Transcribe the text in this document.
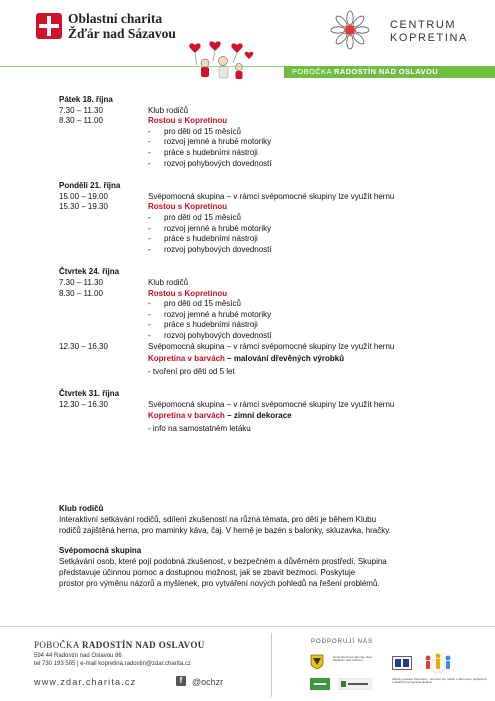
Oblastní charita
Žďár nad Sázavou
CENTRUM
KOPRETINA
POBOČKA RADOSTÍN NAD OSLAVOU
Pátek 18. října
7.30 – 11.30	Klub rodičů
8.30 – 11.00	Rostou s Kopretinou
- pro děti od 15 měsíců
- rozvoj jemné a hrubé motoriky
- práce s hudebními nástroji
- rozvoj pohybových dovedností
Pondělí 21. října
15.00 – 19.00	Svépomocná skupina – v rámci svépomocné skupiny lze využít hernu
15.30 – 19.30	Rostou s Kopretinou
- pro děti od 15 měsíců
- rozvoj jemné a hrubé motoriky
- práce s hudebními nástroji
- rozvoj pohybových dovedností
Čtvrtek 24. října
7.30 – 11.30	Klub rodičů
8.30 – 11.00	Rostou s Kopretinou
- pro děti od 15 měsíců
- rozvoj jemné a hrubé motoriky
- práce s hudebními nástroji
- rozvoj pohybových dovedností
12.30 – 16.30	Svépomocná skupina – v rámci svépomocné skupiny lze využít hernu
Kopretina v barvách – malování dřevěných výrobků
- tvoření pro děti od 5 let
Čtvrtek 31. října
12.30 – 16.30	Svépomocná skupina – v rámci svépomocné skupiny lze využít hernu
Kopretina v barvách – zimní dekorace
- info na samostatném letáku
Klub rodičů
Interaktivní setkávání rodičů, sdílení zkušeností na různá témata, pro děti je během Klubu
rodičů zajištěná herna, pro maminky káva, čaj. V herně je bazén s balonky, skluzavka, hračky.
Svépomocná skupina
Setkávání osob, které pojí podobná zkušenost, v bezpečném a důvěrném prostředí. Skupina
představuje účinnou pomoc a dostupnou možnost, jak se zbavit bezmoci. Poskytuje
prostor pro výměnu názorů a myšlenek, pro vytváření nových pohledů na řešení problémů.
POBOČKA RADOSTÍN NAD OSLAVOU
594 44 Radostín nad Oslavou 86
tel 730 193 505 | e-mail kopretina.radostin@zdar.charita.cz
www.zdar.charita.cz	f	@ochzr
PODPORUJÍ NÁS
Tento činnost podporuje obec Radostín nad Oslavou.
Aktivity projektu Kopretina – centrum pro rodiče s dětmi jsou podpořeny z dotačního programu Rodina.
